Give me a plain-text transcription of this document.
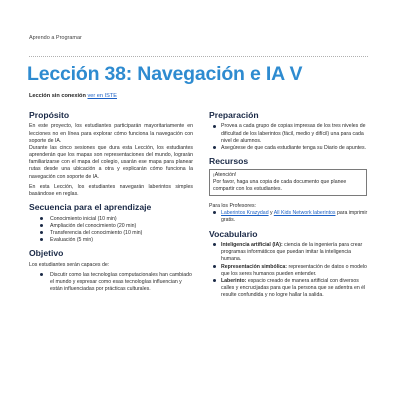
Aprendo a Programar
Lección 38: Navegación e IA V
Lección sin conexión ver en ISTE
Propósito

En este proyecto, los estudiantes participarán mayoritariamente en lecciones no en línea para explorar cómo funciona la navegación con soporte de IA.

Durante las cinco sesiones que dura esta Lección, los estudiantes aprenderán que los mapas son representaciones del mundo, lograrán familiarizarse con el mapa del colegio, usarán ese mapa para planear rutas desde una ubicación a otra y explicarán cómo funciona la navegación con soporte de IA.

En esta Lección, los estudiantes navegarán laberintos simples basándose en reglas.

Secuencia para el aprendizaje
Conocimiento inicial (10 min)
Ampliación del conocimiento (20 min)
Transferencia del conocimiento (10 min)
Evaluación (5 min)
Objetivo

Los estudiantes serán capaces de:

Discutir como las tecnologías computacionales han cambiado el mundo y expresar como esas tecnologías influencian y están influenciadas por prácticas culturales.
Preparación
Provea a cada grupo de copias impresas de los tres niveles de dificultad de los laberintos (fácil, medio y difícil) una para cada nivel de alumnos.
Asegúrese de que cada estudiante tenga su Diario de apuntes.
Recursos
¡Atención!
Por favor, haga una copia de cada documento que planee compartir con los estudiantes.

Para los Profesores:

Laberintos Krazydad y All Kids Network laberintos para imprimir gratis.
Vocabulario
Inteligencia artificial (IA): ciencia de la ingeniería para crear programas informáticos que puedan imitar la inteligencia humana.
Representación simbólica: representación de datos o modelo que los seres humanos pueden entender.
Laberinto: espacio creado de manera artificial con diversos calles y encrucijadas para que la persona que se adentra en él resulte confundida y no logre hallar la salida.
